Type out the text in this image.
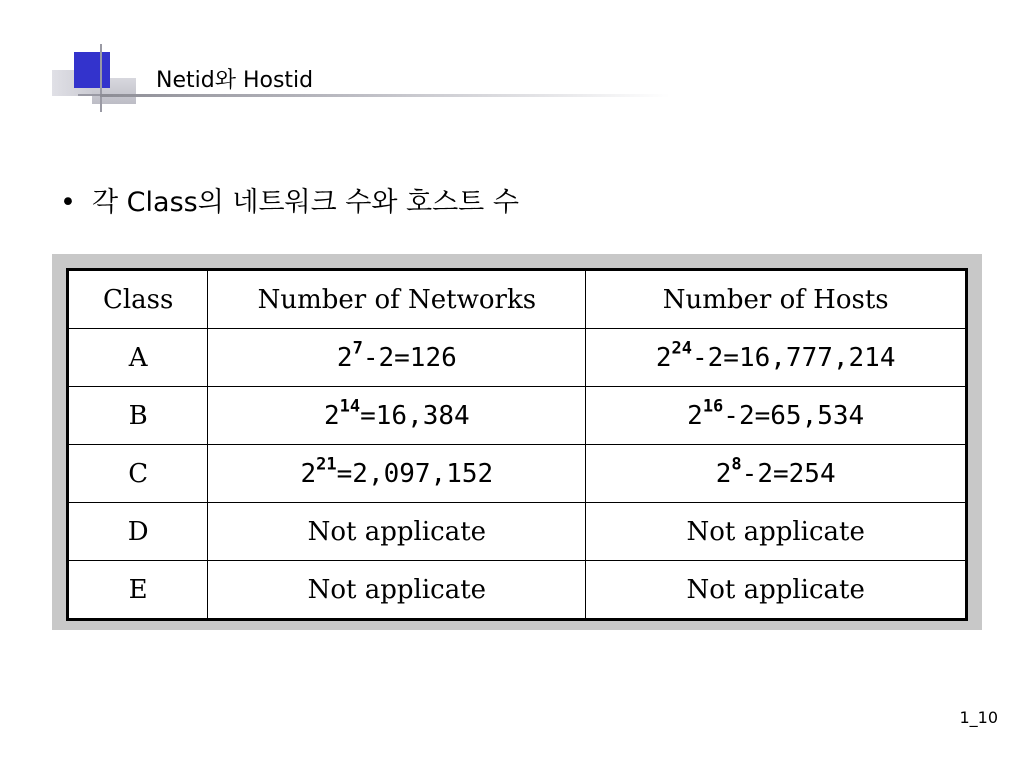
Netid와 Hostid
• 각 Class의 네트워크 수와 호스트 수
Class	Number of Networks	Number of Hosts
A	$2^7-2=126$	$2^{24}-2=16,777,214$
B	$2^{14}=16,384$	$2^{16}-2=65,534$
C	$2^{21}=2,097,152$	$2^8-2=254$
D	Not applicate	Not applicate
E	Not applicate	Not applicate
1_10
